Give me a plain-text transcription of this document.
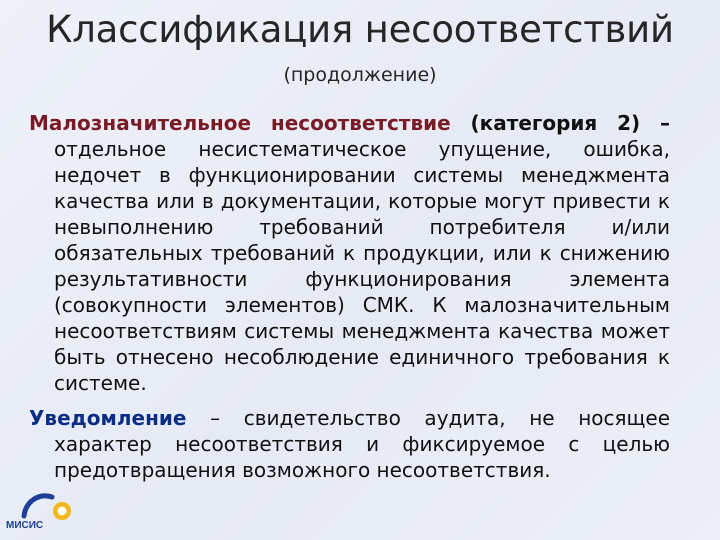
Классификация несоответствий
(продолжение)

Малозначительное несоответствие (категория 2) – отдельное несистематическое упущение, ошибка, недочет в функционировании системы менеджмента качества или в документации, которые могут привести к невыполнению требований потребителя и/или обязательных требований к продукции, или к снижению результативности функционирования элемента (совокупности элементов) СМК. К малозначительным несоответствиям системы менеджмента качества может быть отнесено несоблюдение единичного требования к системе.

Уведомление – свидетельство аудита, не носящее характер несоответствия и фиксируемое с целью предотвращения возможного несоответствия.

МИСИС
